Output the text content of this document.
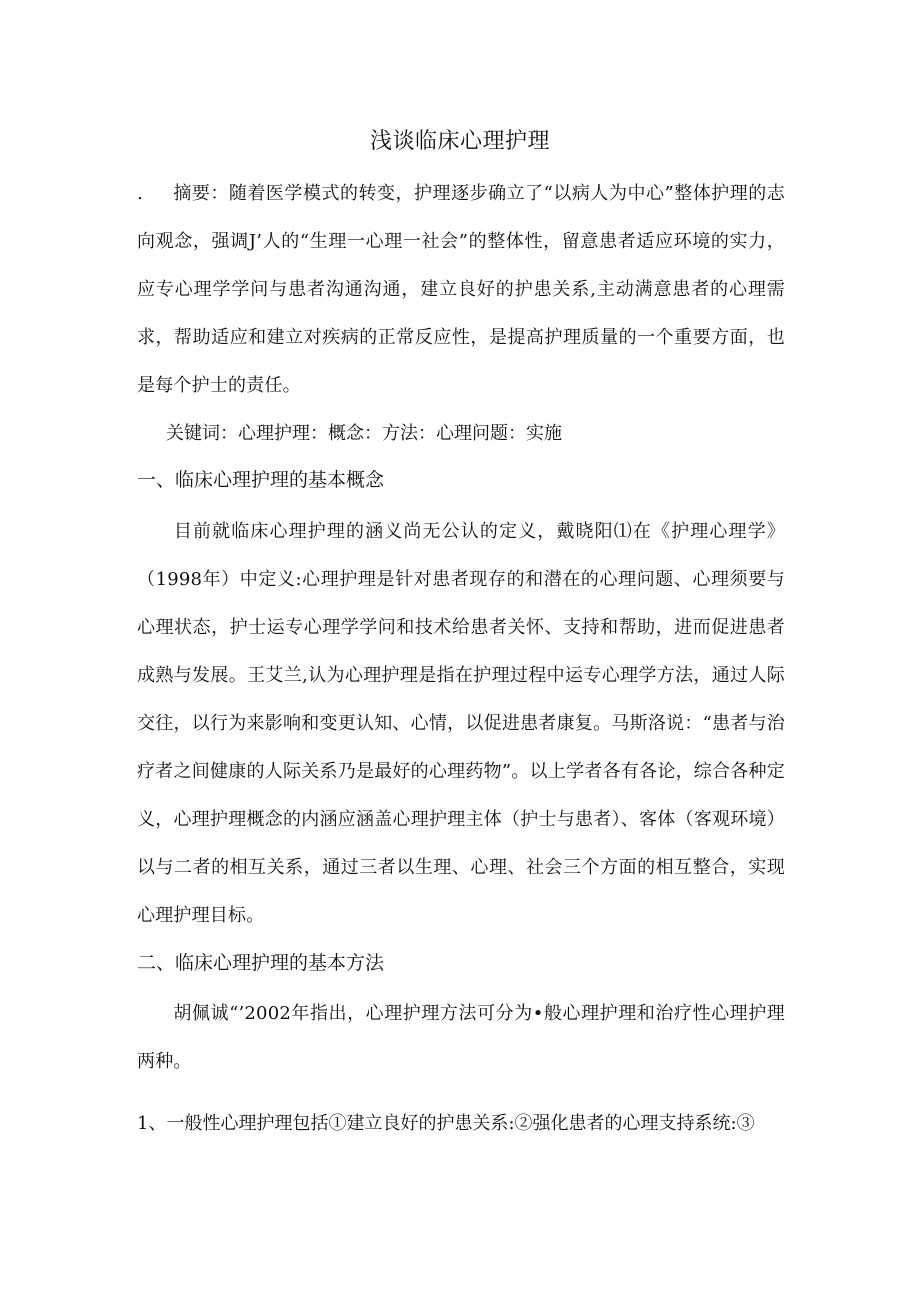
浅谈临床心理护理
. 摘要：随着医学模式的转变，护理逐步确立了“以病人为中心”整体护理的志向观念，强调J’人的“生理一心理一社会”的整体性，留意患者适应环境的实力，应专心理学学问与患者沟通沟通，建立良好的护患关系,主动满意患者的心理需求，帮助适应和建立对疾病的正常反应性，是提高护理质量的一个重要方面，也是每个护士的责任。
关键词：心理护理：概念：方法：心理问题：实施
一、临床心理护理的基本概念
目前就临床心理护理的涵义尚无公认的定义，戴晓阳⑴在《护理心理学》（1998年）中定义:心理护理是针对患者现存的和潜在的心理问题、心理须要与心理状态，护士运专心理学学问和技术给患者关怀、支持和帮助，进而促进患者成熟与发展。王艾兰,认为心理护理是指在护理过程中运专心理学方法，通过人际交往，以行为来影响和变更认知、心情，以促进患者康复。马斯洛说：“患者与治疗者之间健康的人际关系乃是最好的心理药物”。以上学者各有各论，综合各种定义，心理护理概念的内涵应涵盖心理护理主体（护士与患者）、客体（客观环境）以与二者的相互关系，通过三者以生理、心理、社会三个方面的相互整合，实现心理护理目标。
二、临床心理护理的基本方法
胡佩诚“’2002年指出，心理护理方法可分为•般心理护理和治疗性心理护理两种。
1、一般性心理护理包括①建立良好的护患关系:②强化患者的心理支持系统:③
